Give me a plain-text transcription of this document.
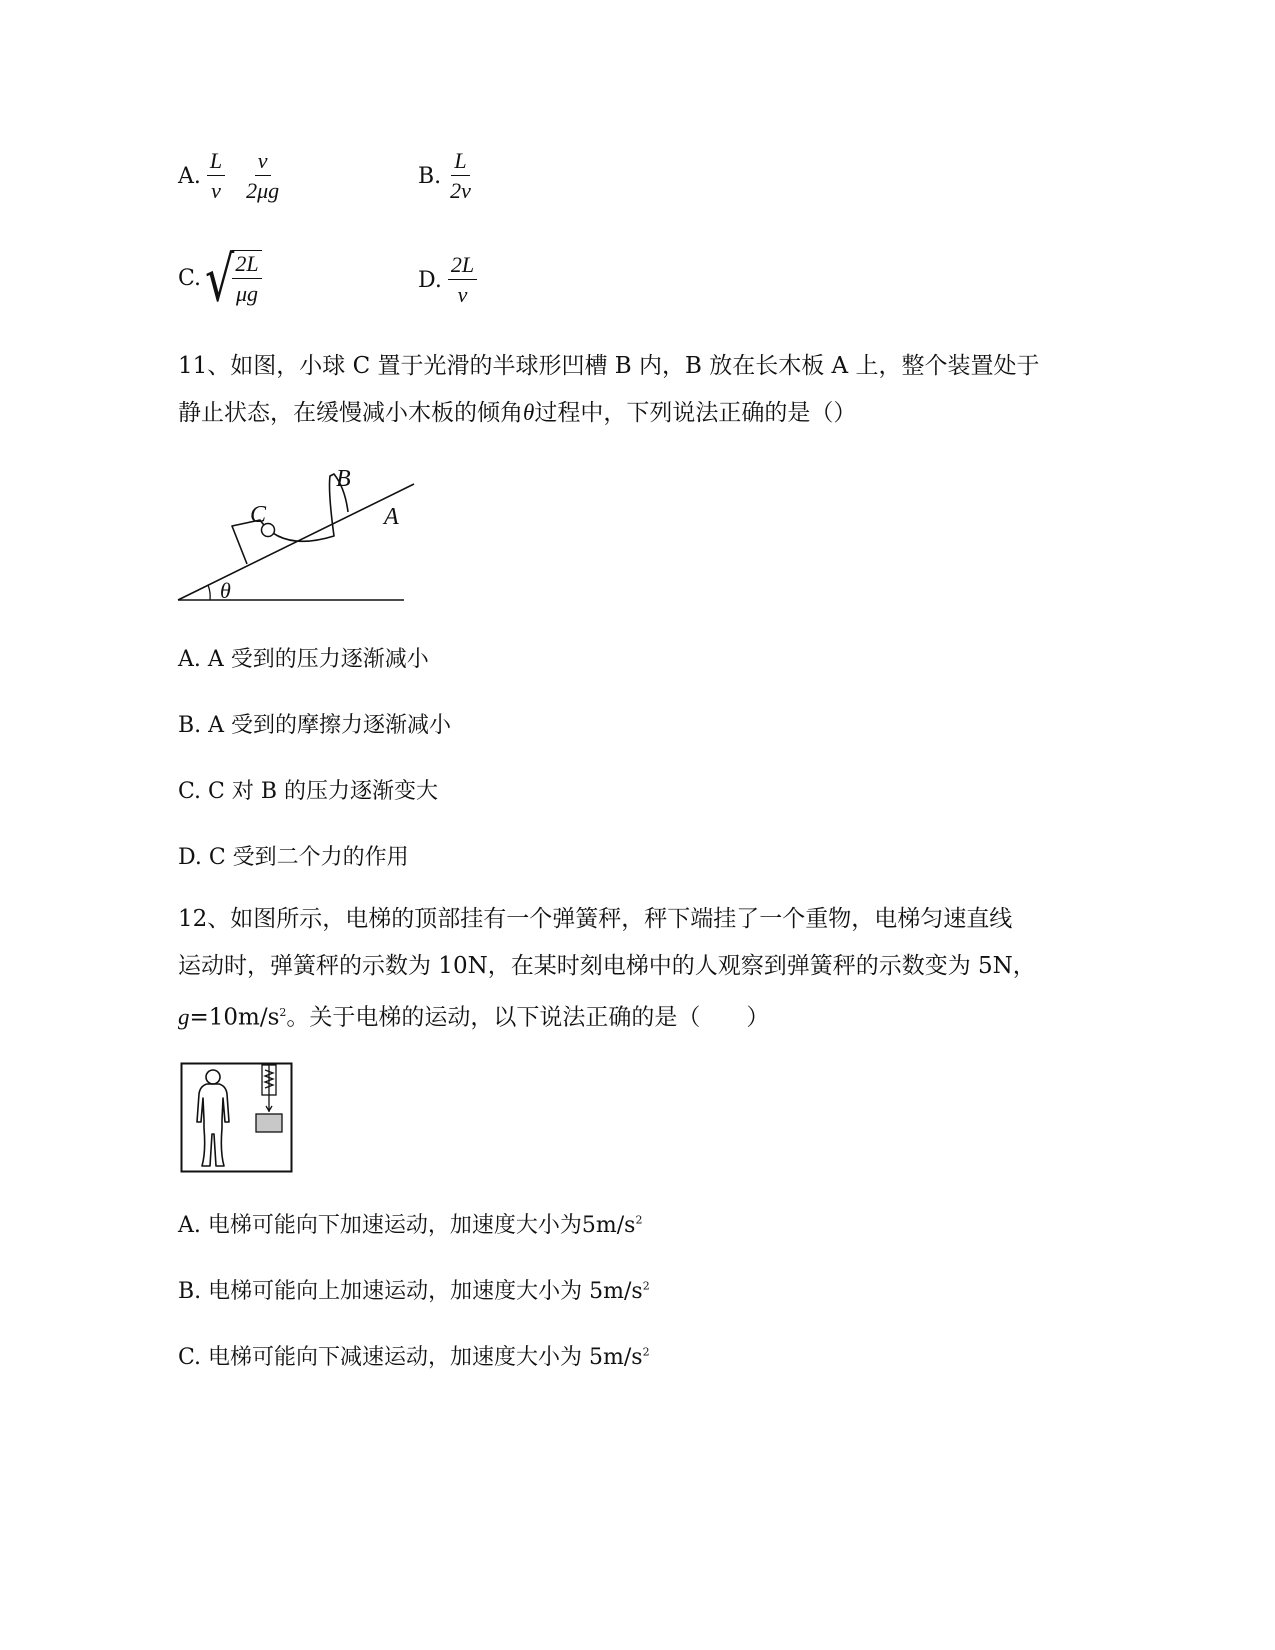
A. $\frac{L}{v} \frac{v}{2\mu g}$	B. $\frac{L}{2v}$
C. √
$\frac{2L}{\mu g}$	D. $\frac{2L}{v}$
11、如图，小球 C 置于光滑的半球形凹槽 B 内，B 放在长木板 A 上，整个装置处于
静止状态，在缓慢减小木板的倾角θ过程中，下列说法正确的是（）
B
C	A
θ
A. A 受到的压力逐渐减小
B. A 受到的摩擦力逐渐减小
C. C 对 B 的压力逐渐变大
D. C 受到二个力的作用
12、如图所示，电梯的顶部挂有一个弹簧秤，秤下端挂了一个重物，电梯匀速直线
运动时，弹簧秤的示数为 10N，在某时刻电梯中的人观察到弹簧秤的示数变为 5N，
$g=10m/s^2$。关于电梯的运动，以下说法正确的是（　　）
A. 电梯可能向下加速运动，加速度大小为$5m/s^2$
B. 电梯可能向上加速运动，加速度大小为 $5m/s^2$
C. 电梯可能向下减速运动，加速度大小为 $5m/s^2$
